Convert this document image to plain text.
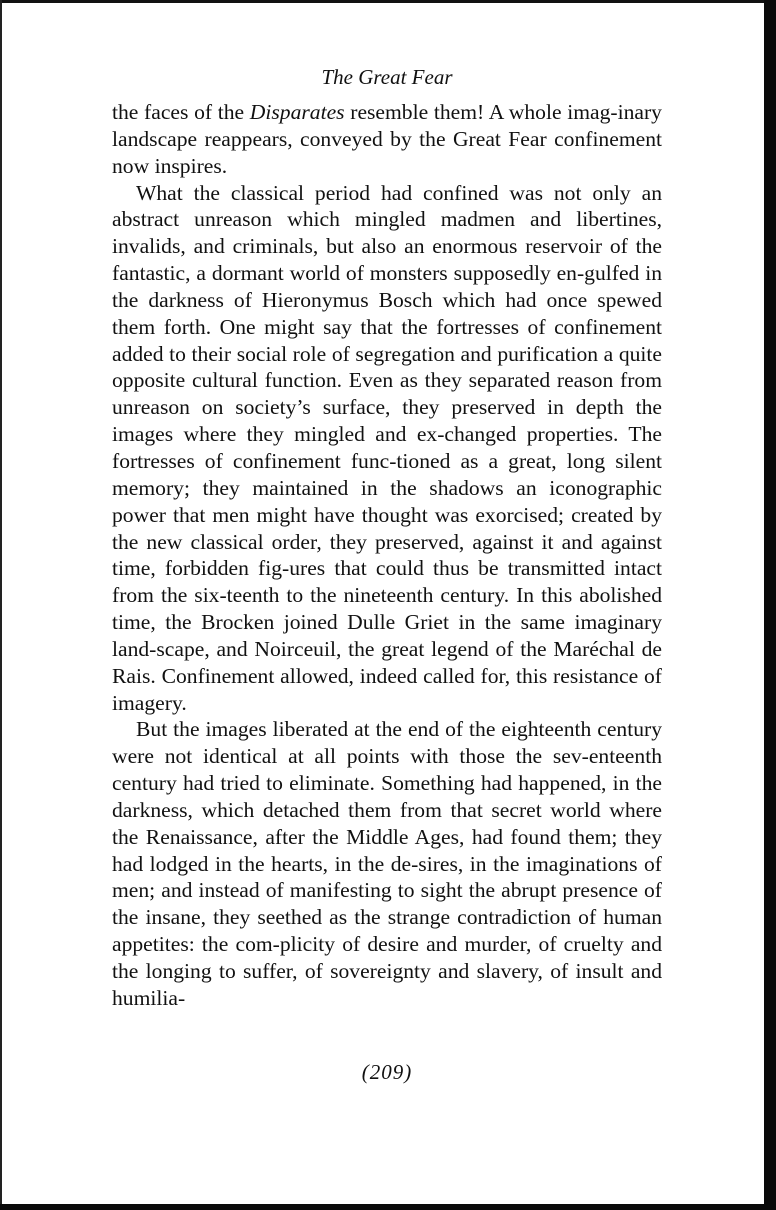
The Great Fear

the faces of the Disparates resemble them! A whole imag-inary landscape reappears, conveyed by the Great Fear confinement now inspires.

What the classical period had confined was not only an abstract unreason which mingled madmen and libertines, invalids, and criminals, but also an enormous reservoir of the fantastic, a dormant world of monsters supposedly en-gulfed in the darkness of Hieronymus Bosch which had once spewed them forth. One might say that the fortresses of confinement added to their social role of segregation and purification a quite opposite cultural function. Even as they separated reason from unreason on society’s surface, they preserved in depth the images where they mingled and ex-changed properties. The fortresses of confinement func-tioned as a great, long silent memory; they maintained in the shadows an iconographic power that men might have thought was exorcised; created by the new classical order, they preserved, against it and against time, forbidden fig-ures that could thus be transmitted intact from the six-teenth to the nineteenth century. In this abolished time, the Brocken joined Dulle Griet in the same imaginary land-scape, and Noirceuil, the great legend of the Maréchal de Rais. Confinement allowed, indeed called for, this resistance of imagery.

But the images liberated at the end of the eighteenth century were not identical at all points with those the sev-enteenth century had tried to eliminate. Something had happened, in the darkness, which detached them from that secret world where the Renaissance, after the Middle Ages, had found them; they had lodged in the hearts, in the de-sires, in the imaginations of men; and instead of manifesting to sight the abrupt presence of the insane, they seethed as the strange contradiction of human appetites: the com-plicity of desire and murder, of cruelty and the longing to suffer, of sovereignty and slavery, of insult and humilia-

(209)
